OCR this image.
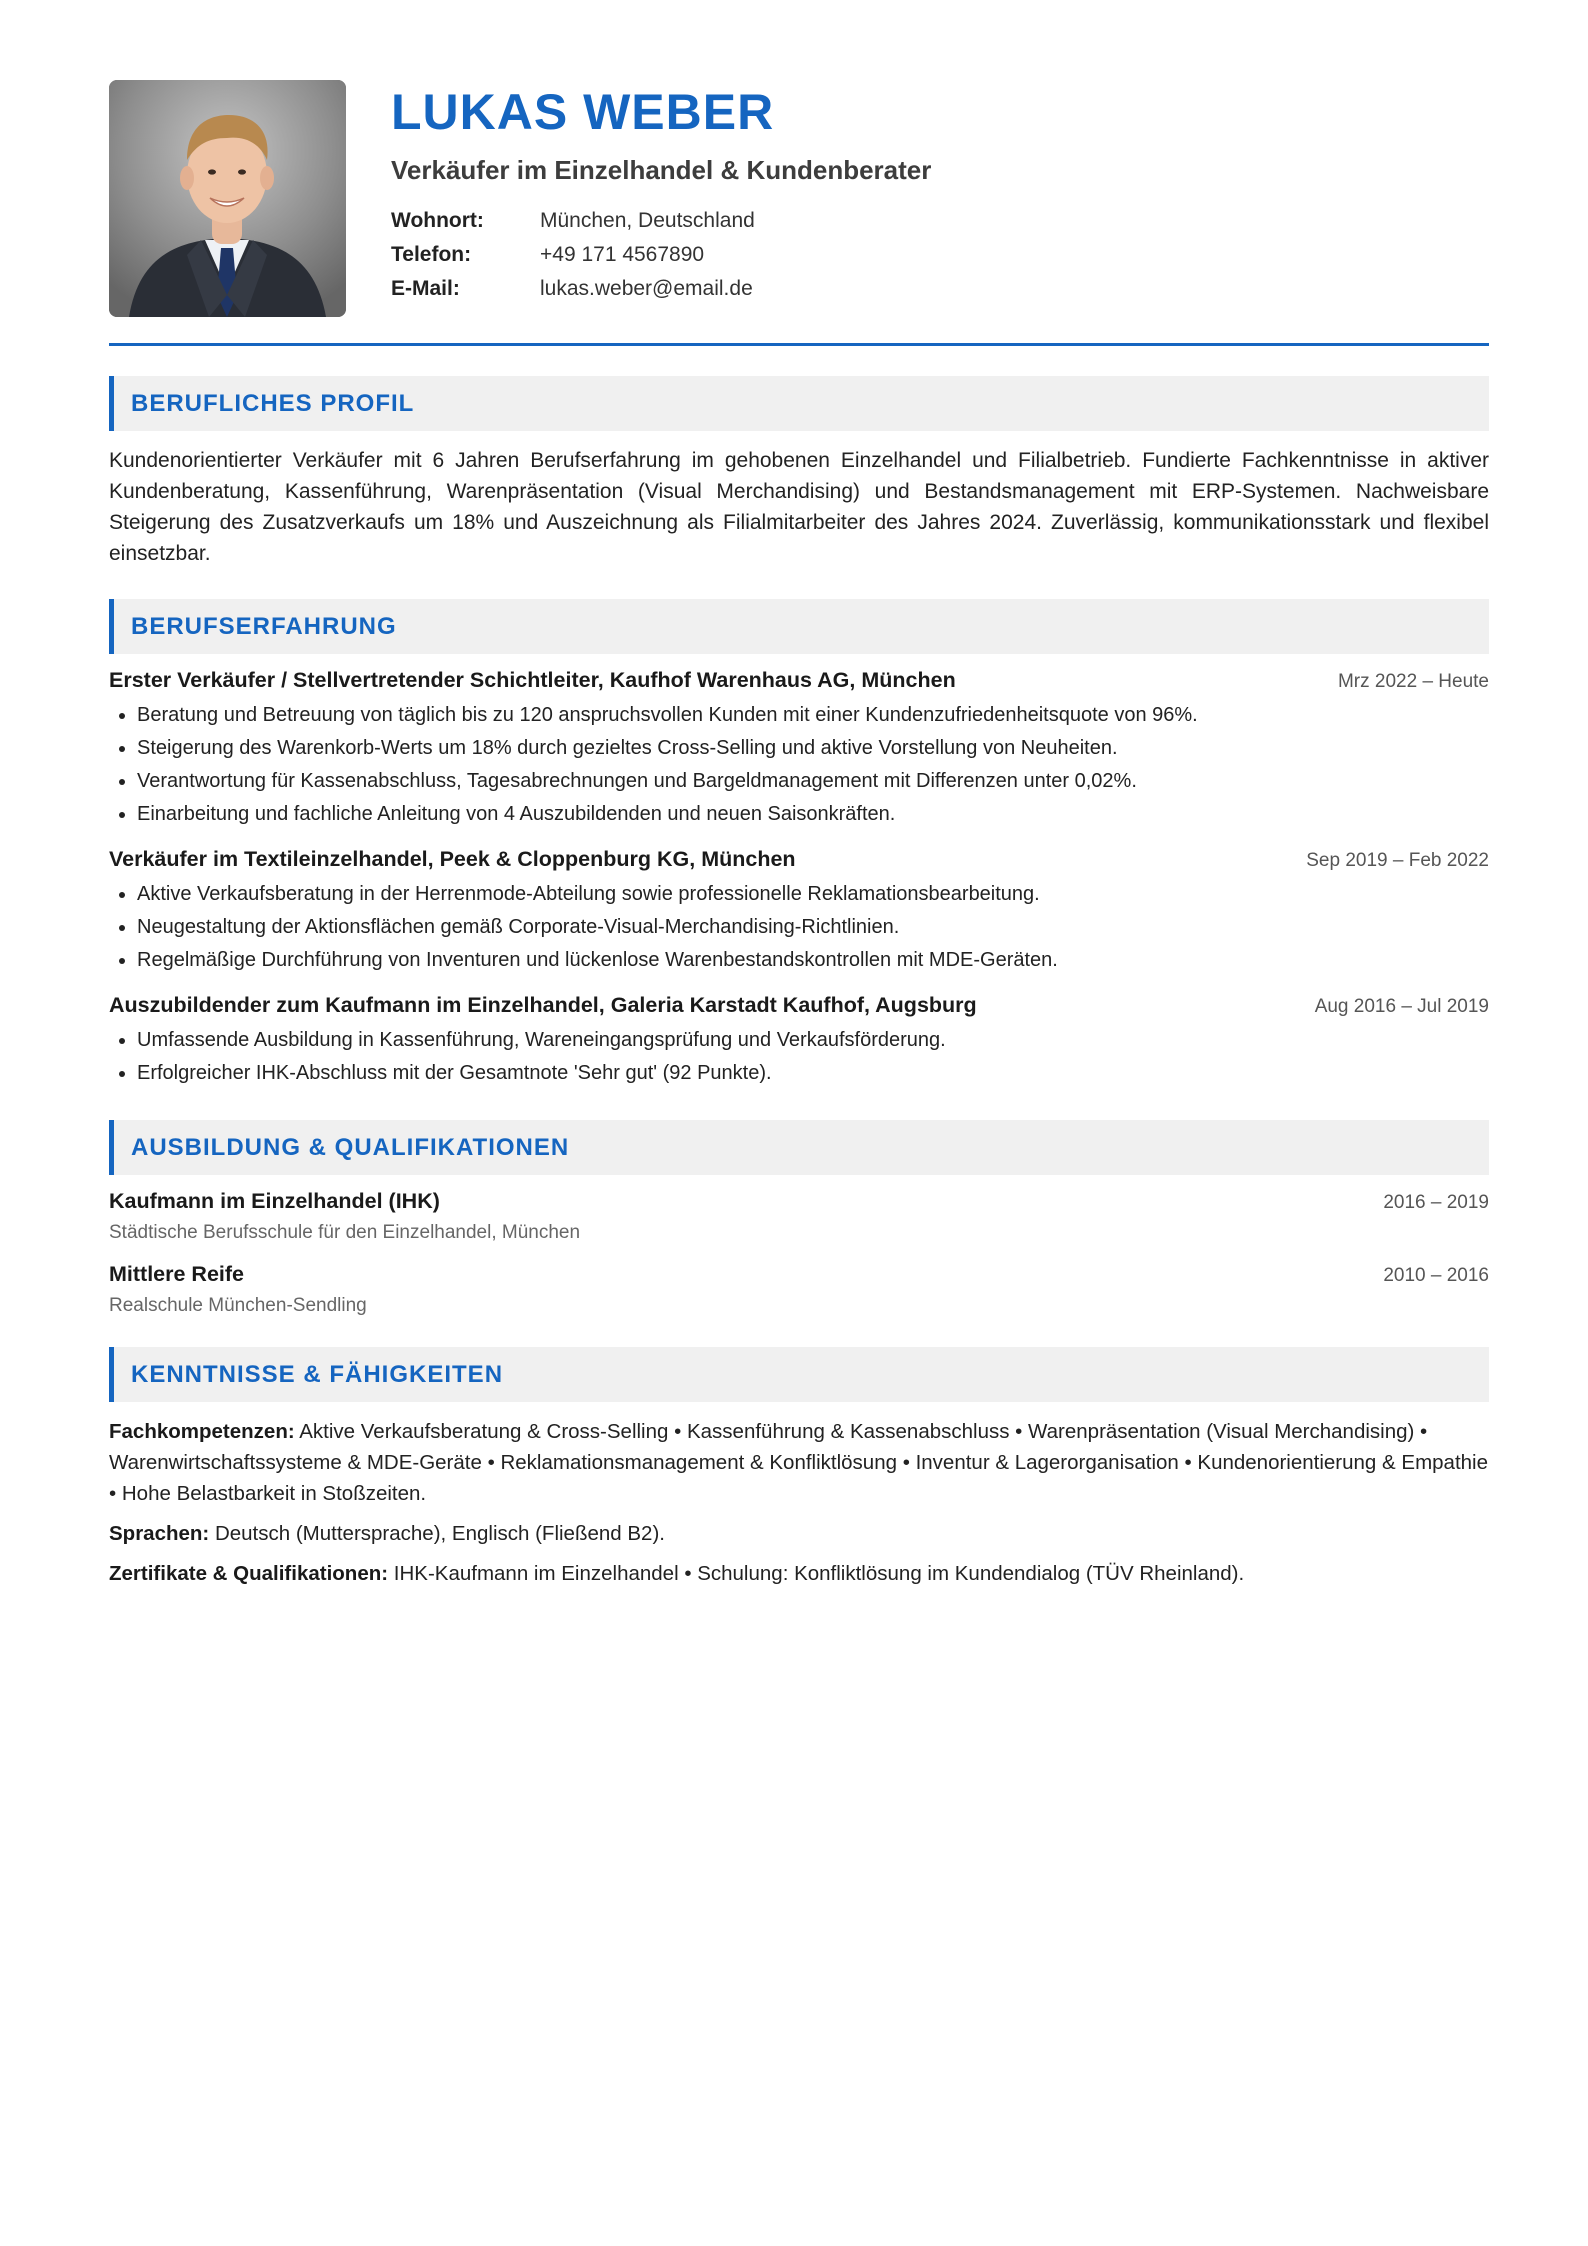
LUKAS WEBER
Verkäufer im Einzelhandel & Kundenberater
Wohnort:	München, Deutschland
Telefon:	+49 171 4567890
E-Mail:	lukas.weber@email.de
BERUFLICHES PROFIL
Kundenorientierter Verkäufer mit 6 Jahren Berufserfahrung im gehobenen Einzelhandel und Filialbetrieb. Fundierte Fachkenntnisse in aktiver Kundenberatung, Kassenführung, Warenpräsentation (Visual Merchandising) und Bestandsmanagement mit ERP-Systemen. Nachweisbare Steigerung des Zusatzverkaufs um 18% und Auszeichnung als Filialmitarbeiter des Jahres 2024. Zuverlässig, kommunikationsstark und flexibel einsetzbar.
BERUFSERFAHRUNG
Erster Verkäufer / Stellvertretender Schichtleiter, Kaufhof Warenhaus AG, München	Mrz 2022 – Heute
• Beratung und Betreuung von täglich bis zu 120 anspruchsvollen Kunden mit einer Kundenzufriedenheitsquote von 96%.
• Steigerung des Warenkorb-Werts um 18% durch gezieltes Cross-Selling und aktive Vorstellung von Neuheiten.
• Verantwortung für Kassenabschluss, Tagesabrechnungen und Bargeldmanagement mit Differenzen unter 0,02%.
• Einarbeitung und fachliche Anleitung von 4 Auszubildenden und neuen Saisonkräften.
Verkäufer im Textileinzelhandel, Peek & Cloppenburg KG, München	Sep 2019 – Feb 2022
• Aktive Verkaufsberatung in der Herrenmode-Abteilung sowie professionelle Reklamationsbearbeitung.
• Neugestaltung der Aktionsflächen gemäß Corporate-Visual-Merchandising-Richtlinien.
• Regelmäßige Durchführung von Inventuren und lückenlose Warenbestandskontrollen mit MDE-Geräten.
Auszubildender zum Kaufmann im Einzelhandel, Galeria Karstadt Kaufhof, Augsburg	Aug 2016 – Jul 2019
• Umfassende Ausbildung in Kassenführung, Wareneingangsprüfung und Verkaufsförderung.
• Erfolgreicher IHK-Abschluss mit der Gesamtnote 'Sehr gut' (92 Punkte).
AUSBILDUNG & QUALIFIKATIONEN
Kaufmann im Einzelhandel (IHK)	2016 – 2019
Städtische Berufsschule für den Einzelhandel, München
Mittlere Reife	2010 – 2016
Realschule München-Sendling
KENNTNISSE & FÄHIGKEITEN

Fachkompetenzen: Aktive Verkaufsberatung & Cross-Selling • Kassenführung & Kassenabschluss • Warenpräsentation (Visual Merchandising) • Warenwirtschaftssysteme & MDE-Geräte • Reklamationsmanagement & Konfliktlösung • Inventur & Lagerorganisation • Kundenorientierung & Empathie • Hohe Belastbarkeit in Stoßzeiten.

Sprachen: Deutsch (Muttersprache), Englisch (Fließend B2).

Zertifikate & Qualifikationen: IHK-Kaufmann im Einzelhandel • Schulung: Konfliktlösung im Kundendialog (TÜV Rheinland).
